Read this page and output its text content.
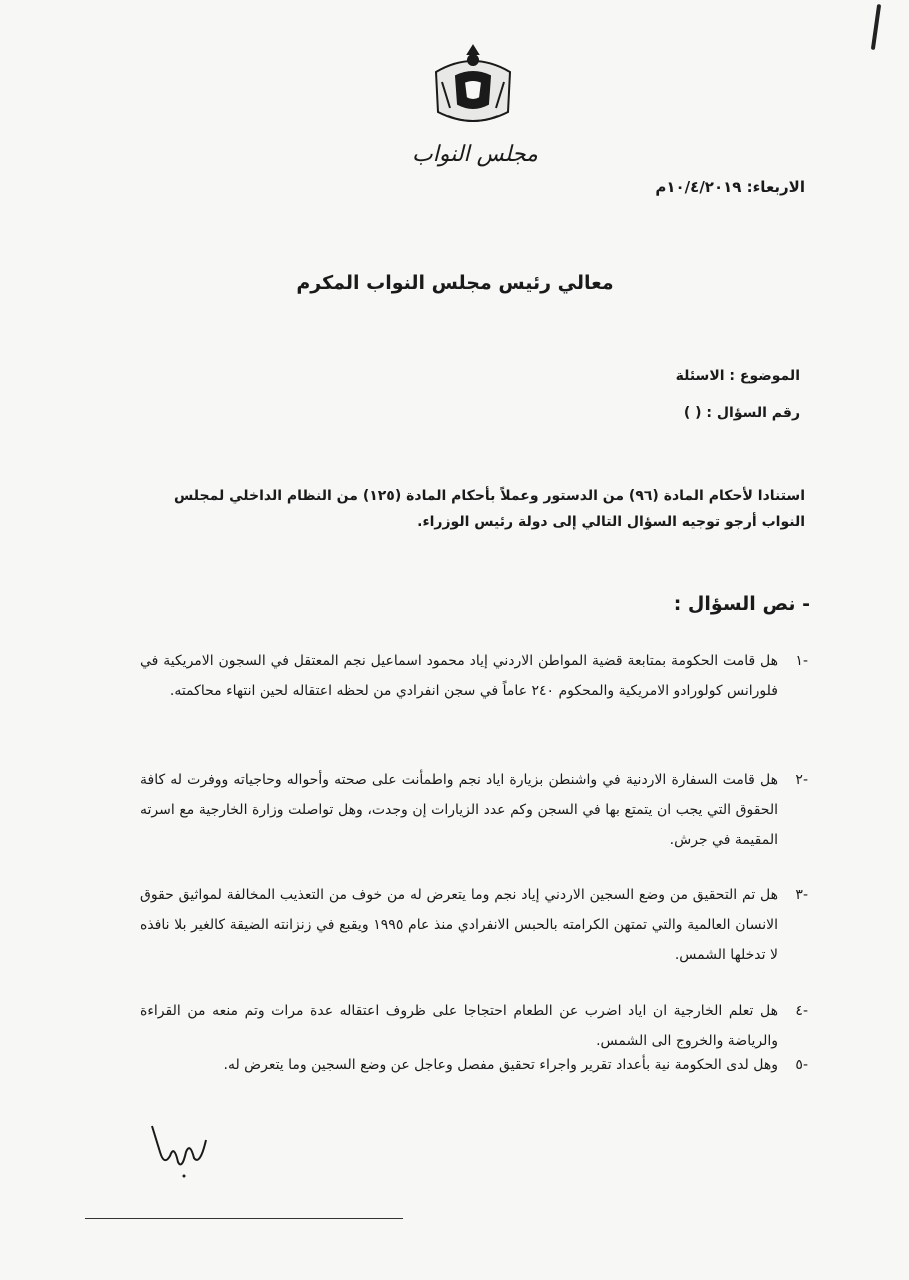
مجلس النواب
الاربعاء: ١٠/٤/٢٠١٩م
معالي رئيس مجلس النواب المكرم
الموضوع : الاسئلة
رقم السؤال : ( )
استنادا لأحكام المادة (٩٦) من الدستور وعملاً بأحكام المادة (١٢٥) من النظام الداخلي لمجلس النواب أرجو توجيه السؤال التالي إلى دولة رئيس الوزراء.
- نص السؤال :
١-
هل قامت الحكومة بمتابعة قضية المواطن الاردني إياد محمود اسماعيل نجم المعتقل في السجون الامريكية في فلورانس كولورادو الامريكية والمحكوم ٢٤٠ عاماً في سجن انفرادي من لحظه اعتقاله لحين انتهاء محاكمته.
٢-
هل قامت السفارة الاردنية في واشنطن بزيارة اياد نجم واطمأنت على صحته وأحواله وحاجياته ووفرت له كافة الحقوق التي يجب ان يتمتع بها في السجن وكم عدد الزيارات إن وجدت، وهل تواصلت وزارة الخارجية مع اسرته المقيمة في جرش.
٣-
هل تم التحقيق من وضع السجين الاردني إياد نجم وما يتعرض له من خوف من التعذيب المخالفة لمواثيق حقوق الانسان العالمية والتي تمتهن الكرامته بالحبس الانفرادي منذ عام ١٩٩٥ ويقبع في زنزانته الضيقة كالغير بلا نافذه لا تدخلها الشمس.
٤-
هل تعلم الخارجية ان اياد اضرب عن الطعام احتجاجا على ظروف اعتقاله عدة مرات وتم منعه من القراءة والرياضة والخروج الى الشمس.
٥-
وهل لدى الحكومة نية بأعداد تقرير واجراء تحقيق مفصل وعاجل عن وضع السجين وما يتعرض له.
